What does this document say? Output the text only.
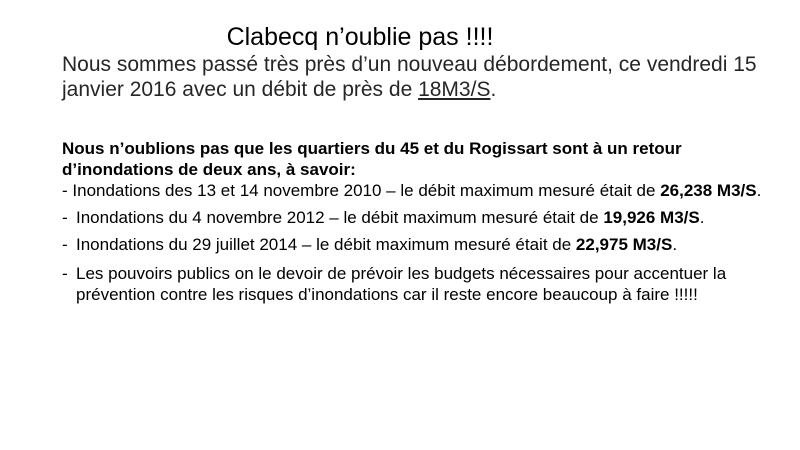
Clabecq n’oublie pas !!!!
Nous sommes passé très près d’un nouveau débordement, ce vendredi 15 janvier 2016 avec un débit de près de 18M3/S.

Nous n’oublions pas que les quartiers du 45 et du Rogissart sont à un retour d’inondations de deux ans, à savoir:

- Inondations des 13 et 14 novembre 2010 – le débit maximum mesuré était de 26,238 M3/S.

- Inondations du 4 novembre 2012 – le débit maximum mesuré était de 19,926 M3/S.
- Inondations du 29 juillet 2014 – le débit maximum mesuré était de 22,975 M3/S.
- Les pouvoirs publics on le devoir de prévoir les budgets nécessaires pour accentuer la prévention contre les risques d’inondations car il reste encore beaucoup à faire !!!!!
